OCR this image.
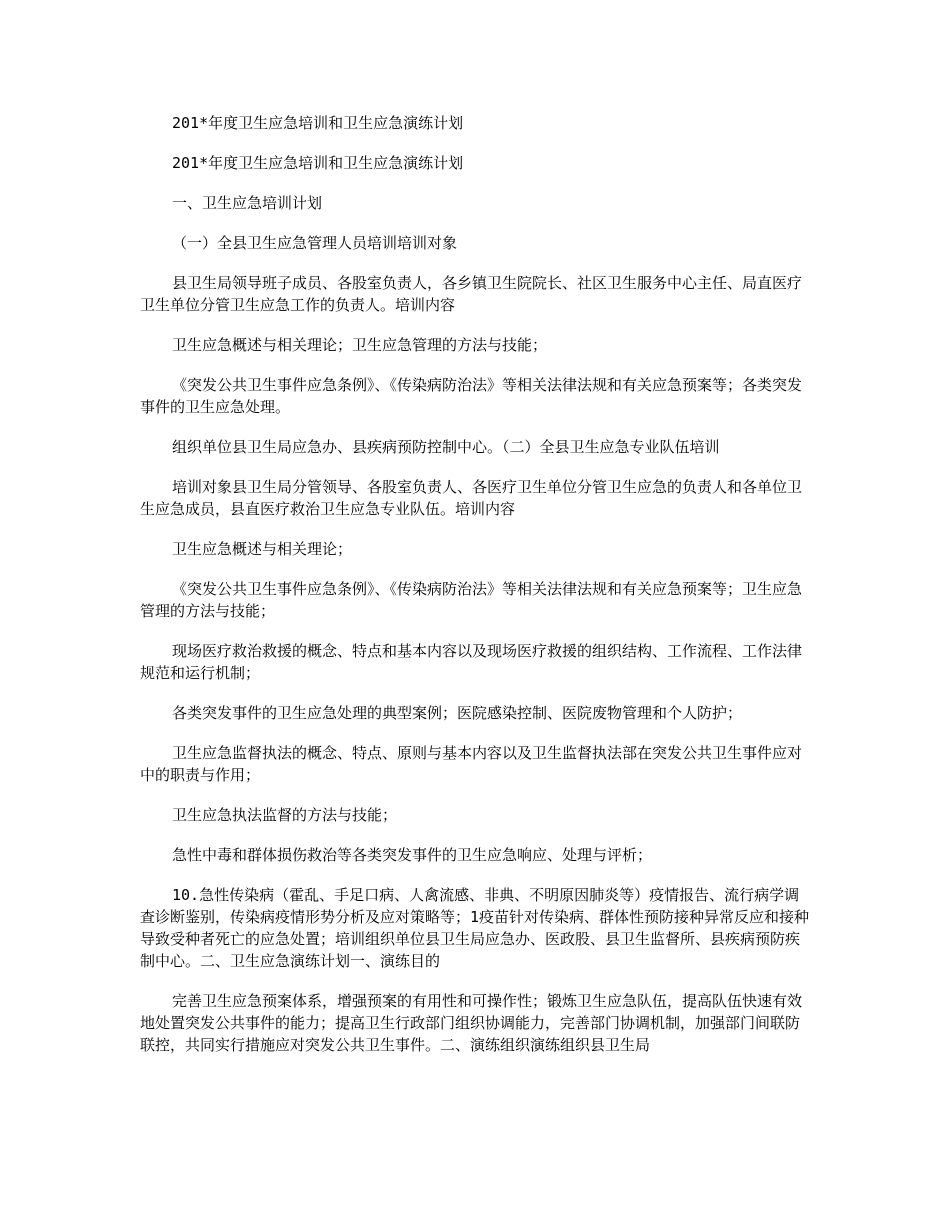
201*年度卫生应急培训和卫生应急演练计划

201*年度卫生应急培训和卫生应急演练计划

一、卫生应急培训计划

（一）全县卫生应急管理人员培训培训对象

县卫生局领导班子成员、各股室负责人，各乡镇卫生院院长、社区卫生服务中心主任、局直医疗卫生单位分管卫生应急工作的负责人。培训内容

卫生应急概述与相关理论；卫生应急管理的方法与技能；

《突发公共卫生事件应急条例》、《传染病防治法》等相关法律法规和有关应急预案等；各类突发事件的卫生应急处理。

组织单位县卫生局应急办、县疾病预防控制中心。（二）全县卫生应急专业队伍培训

培训对象县卫生局分管领导、各股室负责人、各医疗卫生单位分管卫生应急的负责人和各单位卫生应急成员，县直医疗救治卫生应急专业队伍。培训内容

卫生应急概述与相关理论；

《突发公共卫生事件应急条例》、《传染病防治法》等相关法律法规和有关应急预案等；卫生应急管理的方法与技能；

现场医疗救治救援的概念、特点和基本内容以及现场医疗救援的组织结构、工作流程、工作法律规范和运行机制；

各类突发事件的卫生应急处理的典型案例；医院感染控制、医院废物管理和个人防护；

卫生应急监督执法的概念、特点、原则与基本内容以及卫生监督执法部在突发公共卫生事件应对中的职责与作用；

卫生应急执法监督的方法与技能；

急性中毒和群体损伤救治等各类突发事件的卫生应急响应、处理与评析；

10.急性传染病（霍乱、手足口病、人禽流感、非典、不明原因肺炎等）疫情报告、流行病学调查诊断鉴别，传染病疫情形势分析及应对策略等；1疫苗针对传染病、群体性预防接种异常反应和接种导致受种者死亡的应急处置；培训组织单位县卫生局应急办、医政股、县卫生监督所、县疾病预防疾制中心。二、卫生应急演练计划一、演练目的

完善卫生应急预案体系，增强预案的有用性和可操作性；锻炼卫生应急队伍，提高队伍快速有效地处置突发公共事件的能力；提高卫生行政部门组织协调能力，完善部门协调机制，加强部门间联防联控，共同实行措施应对突发公共卫生事件。二、演练组织演练组织县卫生局
